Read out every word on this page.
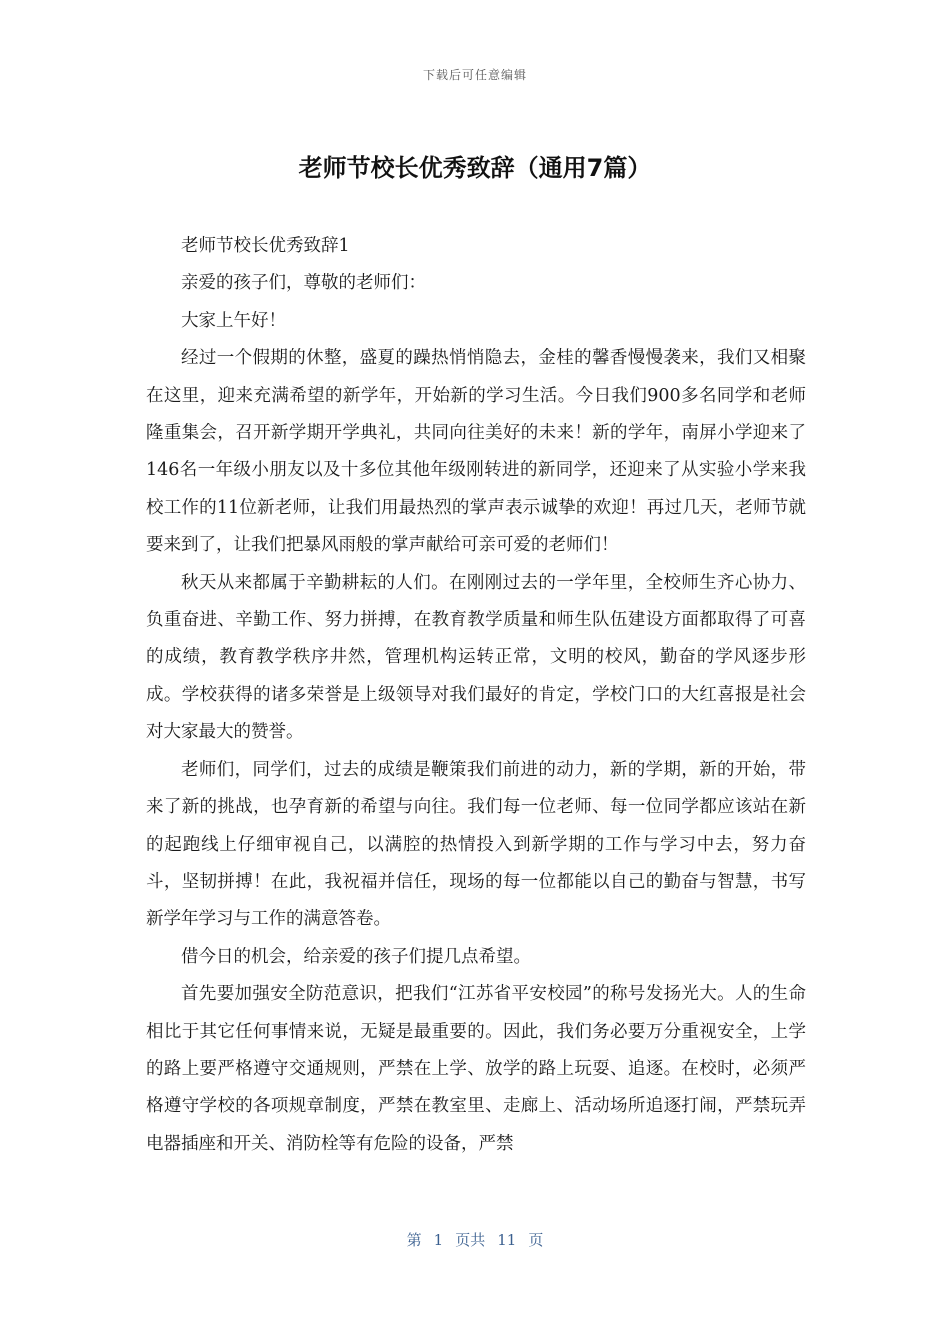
下载后可任意编辑
老师节校长优秀致辞（通用7篇）

老师节校长优秀致辞1

亲爱的孩子们，尊敬的老师们：

大家上午好！

经过一个假期的休整，盛夏的躁热悄悄隐去，金桂的馨香慢慢袭来，我们又相聚在这里，迎来充满希望的新学年，开始新的学习生活。今日我们900多名同学和老师隆重集会，召开新学期开学典礼，共同向往美好的未来！新的学年，南屏小学迎来了146名一年级小朋友以及十多位其他年级刚转进的新同学，还迎来了从实验小学来我校工作的11位新老师，让我们用最热烈的掌声表示诚挚的欢迎！再过几天，老师节就要来到了，让我们把暴风雨般的掌声献给可亲可爱的老师们！

秋天从来都属于辛勤耕耘的人们。在刚刚过去的一学年里，全校师生齐心协力、负重奋进、辛勤工作、努力拼搏，在教育教学质量和师生队伍建设方面都取得了可喜的成绩，教育教学秩序井然，管理机构运转正常，文明的校风，勤奋的学风逐步形成。学校获得的诸多荣誉是上级领导对我们最好的肯定，学校门口的大红喜报是社会对大家最大的赞誉。

老师们，同学们，过去的成绩是鞭策我们前进的动力，新的学期，新的开始，带来了新的挑战，也孕育新的希望与向往。我们每一位老师、每一位同学都应该站在新的起跑线上仔细审视自己，以满腔的热情投入到新学期的工作与学习中去，努力奋斗，坚韧拼搏！在此，我祝福并信任，现场的每一位都能以自己的勤奋与智慧，书写新学年学习与工作的满意答卷。

借今日的机会，给亲爱的孩子们提几点希望。

首先要加强安全防范意识，把我们“江苏省平安校园”的称号发扬光大。人的生命相比于其它任何事情来说，无疑是最重要的。因此，我们务必要万分重视安全，上学的路上要严格遵守交通规则，严禁在上学、放学的路上玩耍、追逐。在校时，必须严格遵守学校的各项规章制度，严禁在教室里、走廊上、活动场所追逐打闹，严禁玩弄电器插座和开关、消防栓等有危险的设备，严禁

第 1 页共 11 页
